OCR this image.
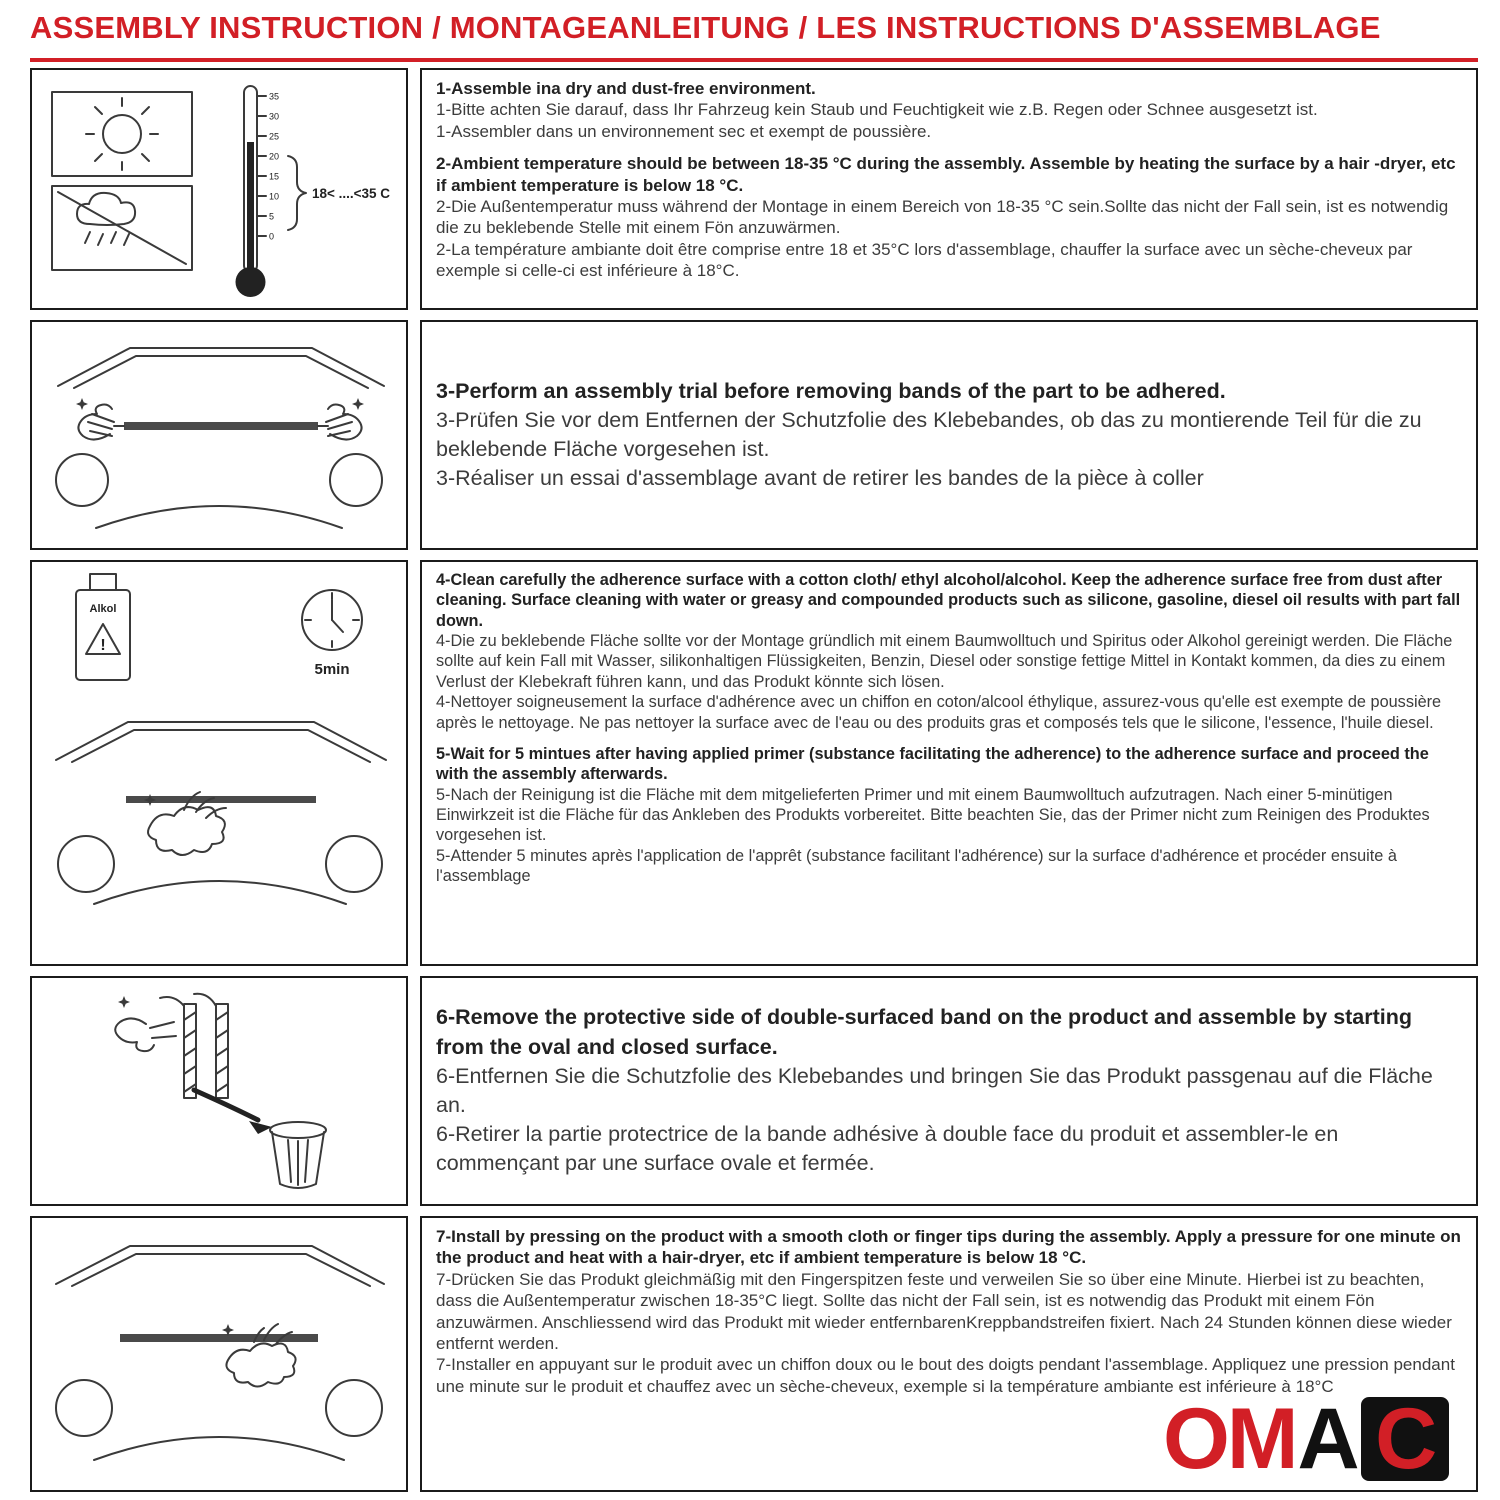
ASSEMBLY INSTRUCTION / MONTAGEANLEITUNG / LES INSTRUCTIONS D'ASSEMBLAGE
35
30
25
20
15
10
5
0
18< ....<35 C

1-Assemble ina dry and dust-free environment.

1-Bitte achten Sie darauf, dass Ihr Fahrzeug kein Staub und Feuchtigkeit wie z.B. Regen oder Schnee ausgesetzt ist.

1-Assembler dans un environnement sec et exempt de poussière.

2-Ambient temperature should be between 18-35 °C during the assembly. Assemble by heating the surface by a hair -dryer, etc if ambient temperature is below 18 °C.

2-Die Außentemperatur muss während der Montage in einem Bereich von 18-35 °C sein.Sollte das nicht der Fall sein, ist es notwendig die zu beklebende Stelle mit einem Fön anzuwärmen.

2-La température ambiante doit être comprise entre 18 et 35°C lors d'assemblage, chauffer la surface avec un sèche-cheveux par exemple si celle-ci est inférieure à 18°C.

3-Perform an assembly trial before removing bands of the part to be adhered.

3-Prüfen Sie vor dem Entfernen der Schutzfolie des Klebebandes, ob das zu montierende Teil für die zu beklebende Fläche vorgesehen ist.

3-Réaliser un essai d'assemblage avant de retirer les bandes de la pièce à coller

Alkol
!
5min

4-Clean carefully the adherence surface with a cotton cloth/ ethyl alcohol/alcohol. Keep the adherence surface free from dust after cleaning. Surface cleaning with water or greasy and compounded products such as silicone, gasoline, diesel oil results with part fall down.

4-Die zu beklebende Fläche sollte vor der Montage gründlich mit einem Baumwolltuch und Spiritus oder Alkohol gereinigt werden. Die Fläche sollte auf kein Fall mit Wasser, silikonhaltigen Flüssigkeiten, Benzin, Diesel oder sonstige fettige Mittel in Kontakt kommen, da dies zu einem Verlust der Klebekraft führen kann, und das Produkt könnte sich lösen.

4-Nettoyer soigneusement la surface d'adhérence avec un chiffon en coton/alcool éthylique, assurez-vous qu'elle est exempte de poussière après le nettoyage. Ne pas nettoyer la surface avec de l'eau ou des produits gras et composés tels que le silicone, l'essence, l'huile diesel.

5-Wait for 5 mintues after having applied primer (substance facilitating the adherence) to the adherence surface and proceed the with the assembly afterwards.

5-Nach der Reinigung ist die Fläche mit dem mitgelieferten Primer und mit einem Baumwolltuch aufzutragen. Nach einer 5-minütigen Einwirkzeit ist die Fläche für das Ankleben des Produkts vorbereitet. Bitte beachten Sie, das der Primer nicht zum Reinigen des Produktes vorgesehen ist.

5-Attender 5 minutes après l'application de l'apprêt (substance facilitant l'adhérence) sur la surface d'adhérence et procéder ensuite à l'assemblage

6-Remove the protective side of double-surfaced band on the product and assemble by starting from the oval and closed surface.

6-Entfernen Sie die Schutzfolie des Klebebandes und bringen Sie das Produkt passgenau auf die Fläche an.

6-Retirer la partie protectrice de la bande adhésive à double face du produit et assembler-le en commençant par une surface ovale et fermée.

7-Install by pressing on the product with a smooth cloth or finger tips during the assembly. Apply a pressure for one minute on the product and heat with a hair-dryer, etc if ambient temperature is below 18 °C.

7-Drücken Sie das Produkt gleichmäßig mit den Fingerspitzen feste und verweilen Sie so über eine Minute. Hierbei ist zu beachten, dass die Außentemperatur zwischen 18-35°C liegt. Sollte das nicht der Fall sein, ist es notwendig das Produkt mit einem Fön anzuwärmen. Anschliessend wird das Produkt mit wieder entfernbarenKreppbandstreifen fixiert. Nach 24 Stunden können diese wieder entfernt werden.

7-Installer en appuyant sur le produit avec un chiffon doux ou le bout des doigts pendant l'assemblage. Appliquez une pression pendant une minute sur le produit et chauffez avec un sèche-cheveux, exemple si la température ambiante est inférieure à 18°C

OM A C
